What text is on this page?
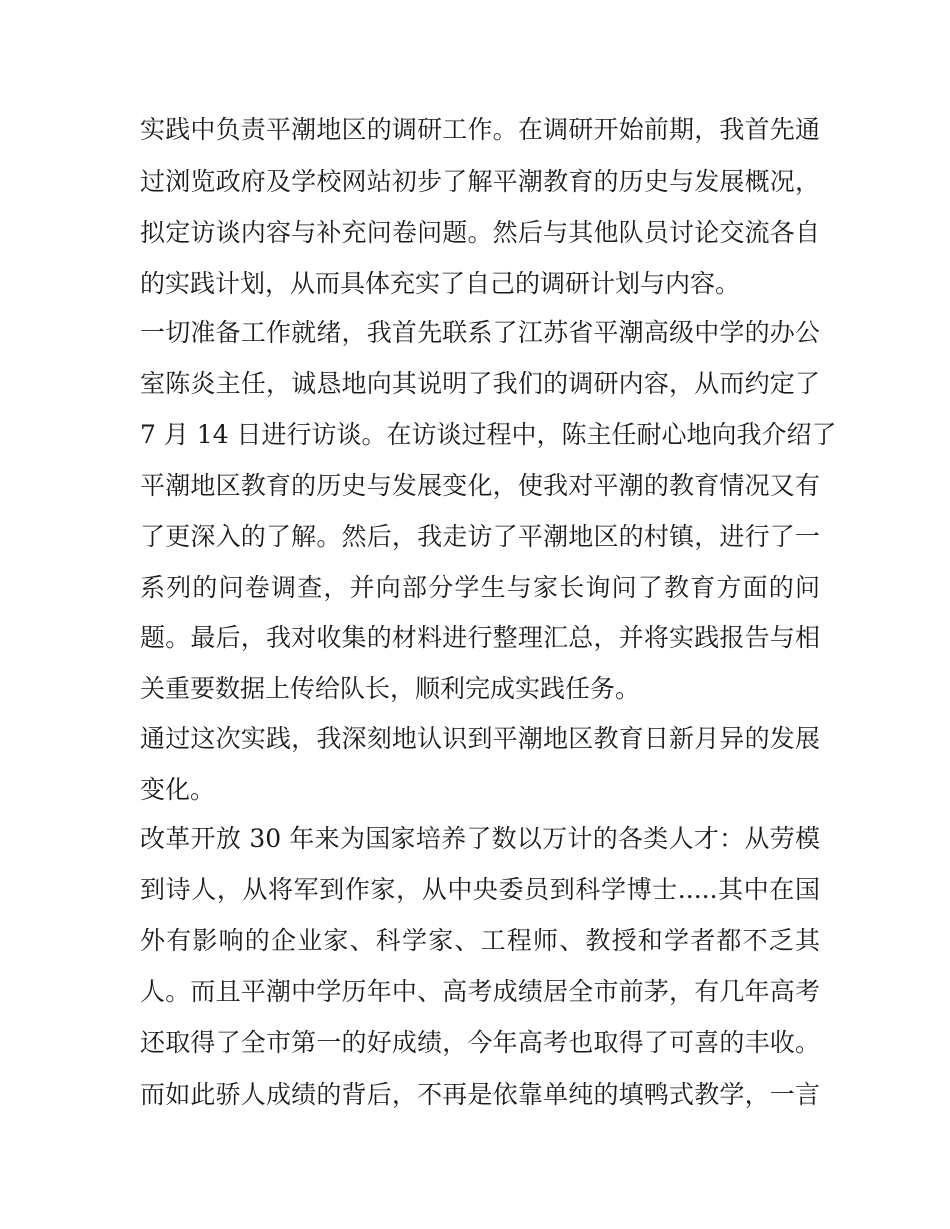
实践中负责平潮地区的调研工作。在调研开始前期，我首先通
过浏览政府及学校网站初步了解平潮教育的历史与发展概况，
拟定访谈内容与补充问卷问题。然后与其他队员讨论交流各自
的实践计划，从而具体充实了自己的调研计划与内容。
一切准备工作就绪，我首先联系了江苏省平潮高级中学的办公
室陈炎主任，诚恳地向其说明了我们的调研内容，从而约定了
7 月 14 日进行访谈。在访谈过程中，陈主任耐心地向我介绍了
平潮地区教育的历史与发展变化，使我对平潮的教育情况又有
了更深入的了解。然后，我走访了平潮地区的村镇，进行了一
系列的问卷调查，并向部分学生与家长询问了教育方面的问
题。最后，我对收集的材料进行整理汇总，并将实践报告与相
关重要数据上传给队长，顺利完成实践任务。
通过这次实践，我深刻地认识到平潮地区教育日新月异的发展
变化。
改革开放 30 年来为国家培养了数以万计的各类人才：从劳模
到诗人，从将军到作家，从中央委员到科学博士.....其中在国
外有影响的企业家、科学家、工程师、教授和学者都不乏其
人。而且平潮中学历年中、高考成绩居全市前茅，有几年高考
还取得了全市第一的好成绩，今年高考也取得了可喜的丰收。
而如此骄人成绩的背后，不再是依靠单纯的填鸭式教学，一言
